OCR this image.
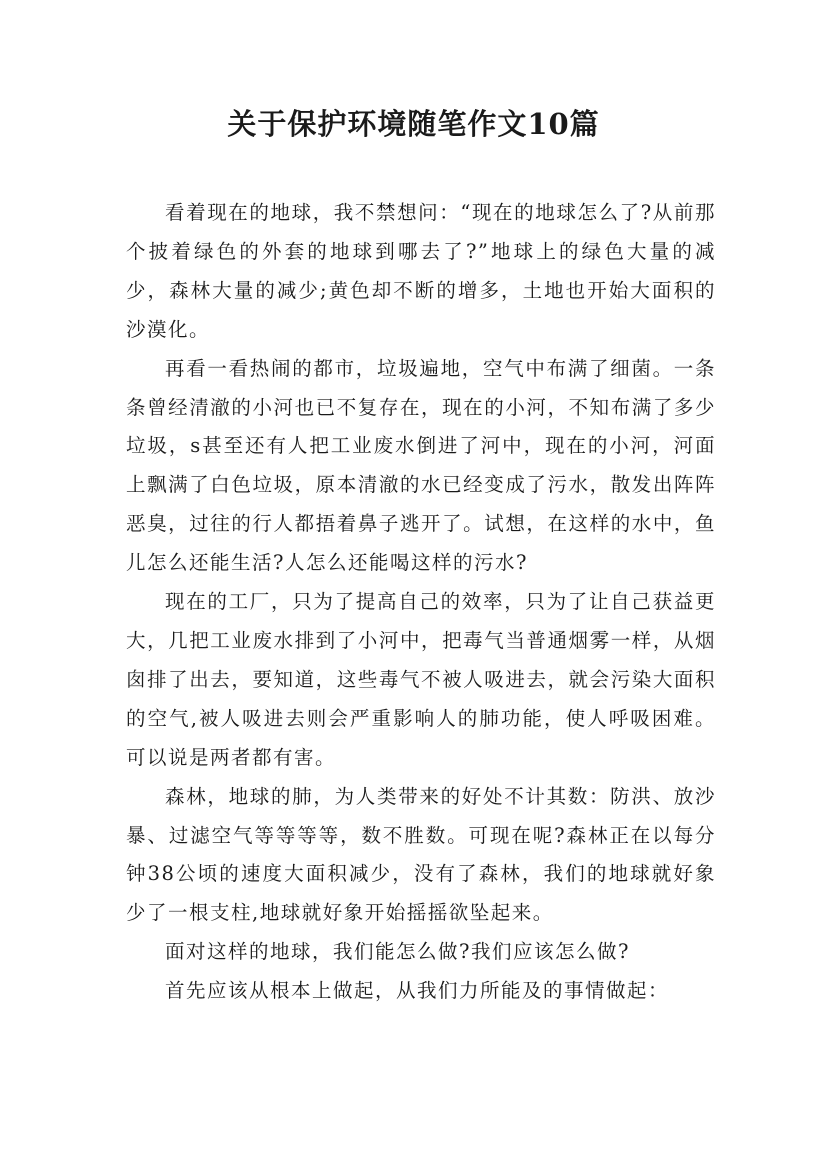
关于保护环境随笔作文10篇

看着现在的地球，我不禁想问：“现在的地球怎么了?从前那个披着绿色的外套的地球到哪去了?”地球上的绿色大量的减少，森林大量的减少;黄色却不断的增多，土地也开始大面积的沙漠化。

再看一看热闹的都市，垃圾遍地，空气中布满了细菌。一条条曾经清澈的小河也已不复存在，现在的小河，不知布满了多少垃圾，s甚至还有人把工业废水倒进了河中，现在的小河，河面上飘满了白色垃圾，原本清澈的水已经变成了污水，散发出阵阵恶臭，过往的行人都捂着鼻子逃开了。试想，在这样的水中，鱼儿怎么还能生活?人怎么还能喝这样的污水?

现在的工厂，只为了提高自己的效率，只为了让自己获益更大，几把工业废水排到了小河中，把毒气当普通烟雾一样，从烟囱排了出去，要知道，这些毒气不被人吸进去，就会污染大面积的空气,被人吸进去则会严重影响人的肺功能，使人呼吸困难。可以说是两者都有害。

森林，地球的肺，为人类带来的好处不计其数：防洪、放沙暴、过滤空气等等等等，数不胜数。可现在呢?森林正在以每分钟38公顷的速度大面积减少，没有了森林，我们的地球就好象少了一根支柱,地球就好象开始摇摇欲坠起来。

面对这样的地球，我们能怎么做?我们应该怎么做?

首先应该从根本上做起，从我们力所能及的事情做起：
